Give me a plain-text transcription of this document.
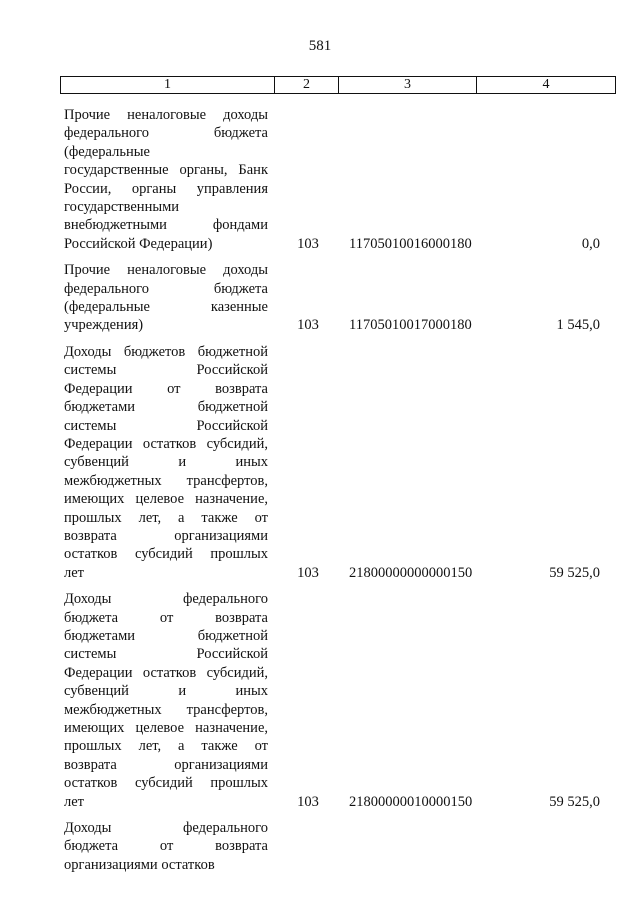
581
1	2	3	4
Прочие неналоговые доходы
федерального бюджета
(федеральные
государственные органы, Банк
России, органы управления
государственными
внебюджетными фондами
Российской Федерации)	103	11705010016000180	0,0
Прочие неналоговые доходы
федерального бюджета
(федеральные казенные
учреждения)	103	11705010017000180	1 545,0
Доходы бюджетов бюджетной
системы Российской
Федерации от возврата
бюджетами бюджетной
системы Российской
Федерации остатков субсидий,
субвенций и иных
межбюджетных трансфертов,
имеющих целевое назначение,
прошлых лет, а также от
возврата организациями
остатков субсидий прошлых
лет	103	21800000000000150	59 525,0
Доходы федерального
бюджета от возврата
бюджетами бюджетной
системы Российской
Федерации остатков субсидий,
субвенций и иных
межбюджетных трансфертов,
имеющих целевое назначение,
прошлых лет, а также от
возврата организациями
остатков субсидий прошлых
лет	103	21800000010000150	59 525,0
Доходы федерального
бюджета от возврата
организациями остатков
